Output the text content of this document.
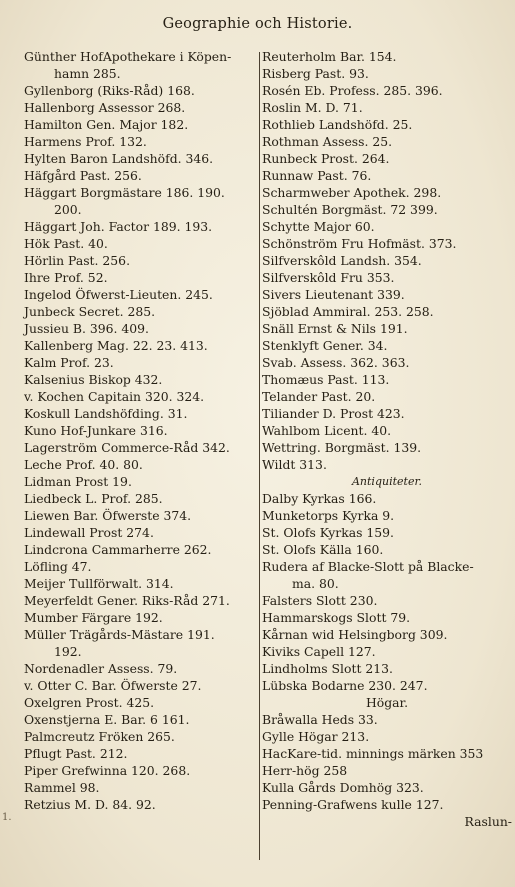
Geographie och Historie.
Günther HofApothekare i Köpen-
hamn 285.
Gyllenborg (Riks-Råd) 168.
Hallenborg Assessor 268.
Hamilton Gen. Major 182.
Harmens Prof. 132.
Hylten Baron Landshöfd. 346.
Häfgård Past. 256.
Häggart Borgmästare 186. 190.
200.
Häggart Joh. Factor 189. 193.
Hök Past. 40.
Hörlin Past. 256.
Ihre Prof. 52.
Ingelod Öfwerst-Lieuten. 245.
Junbeck Secret. 285.
Jussieu B. 396. 409.
Kallenberg Mag. 22. 23. 413.
Kalm Prof. 23.
Kalsenius Biskop 432.
v. Kochen Capitain 320. 324.
Koskull Landshöfding. 31.
Kuno Hof-Junkare 316.
Lagerström Commerce-Råd 342.
Leche Prof. 40. 80.
Lidman Prost 19.
Liedbeck L. Prof. 285.
Liewen Bar. Öfwerste 374.
Lindewall Prost 274.
Lindcrona Cammarherre 262.
Löfling 47.
Meijer Tullförwalt. 314.
Meyerfeldt Gener. Riks-Råd 271.
Mumber Färgare 192.
Müller Trägårds-Mästare 191.
192.
Nordenadler Assess. 79.
v. Otter C. Bar. Öfwerste 27.
Oxelgren Prost. 425.
Oxenstjerna E. Bar. 6 161.
Palmcreutz Fröken 265.
Pflugt Past. 212.
Piper Grefwinna 120. 268.
Rammel 98.
Retzius M. D. 84. 92.
Reuterholm Bar. 154.
Risberg Past. 93.
Rosén Eb. Profess. 285. 396.
Roslin M. D. 71.
Rothlieb Landshöfd. 25.
Rothman Assess. 25.
Runbeck Prost. 264.
Runnaw Past. 76.
Scharmweber Apothek. 298.
Schultén Borgmäst. 72 399.
Schytte Major 60.
Schönström Fru Hofmäst. 373.
Silfverskôld Landsh. 354.
Silfverskôld Fru 353.
Sivers Lieutenant 339.
Sjöblad Ammiral. 253. 258.
Snäll Ernst & Nils 191.
Stenklyft Gener. 34.
Svab. Assess. 362. 363.
Thomæus Past. 113.
Telander Past. 20.
Tiliander D. Prost 423.
Wahlbom Licent. 40.
Wettring. Borgmäst. 139.
Wildt 313.
Antiquiteter.
Dalby Kyrkas 166.
Munketorps Kyrka 9.
St. Olofs Kyrkas 159.
St. Olofs Källa 160.
Rudera af Blacke-Slott på Blacke-
ma. 80.
Falsters Slott 230.
Hammarskogs Slott 79.
Kårnan wid Helsingborg 309.
Kiviks Capell 127.
Lindholms Slott 213.
Lübska Bodarne 230. 247.
Högar.
Bråwalla Heds 33.
Gylle Högar 213.
HacKare-tid. minnings märken 353
Herr-hög 258
Kulla Gårds Domhög 323.
Penning-Grafwens kulle 127.
Raslun-
1.
